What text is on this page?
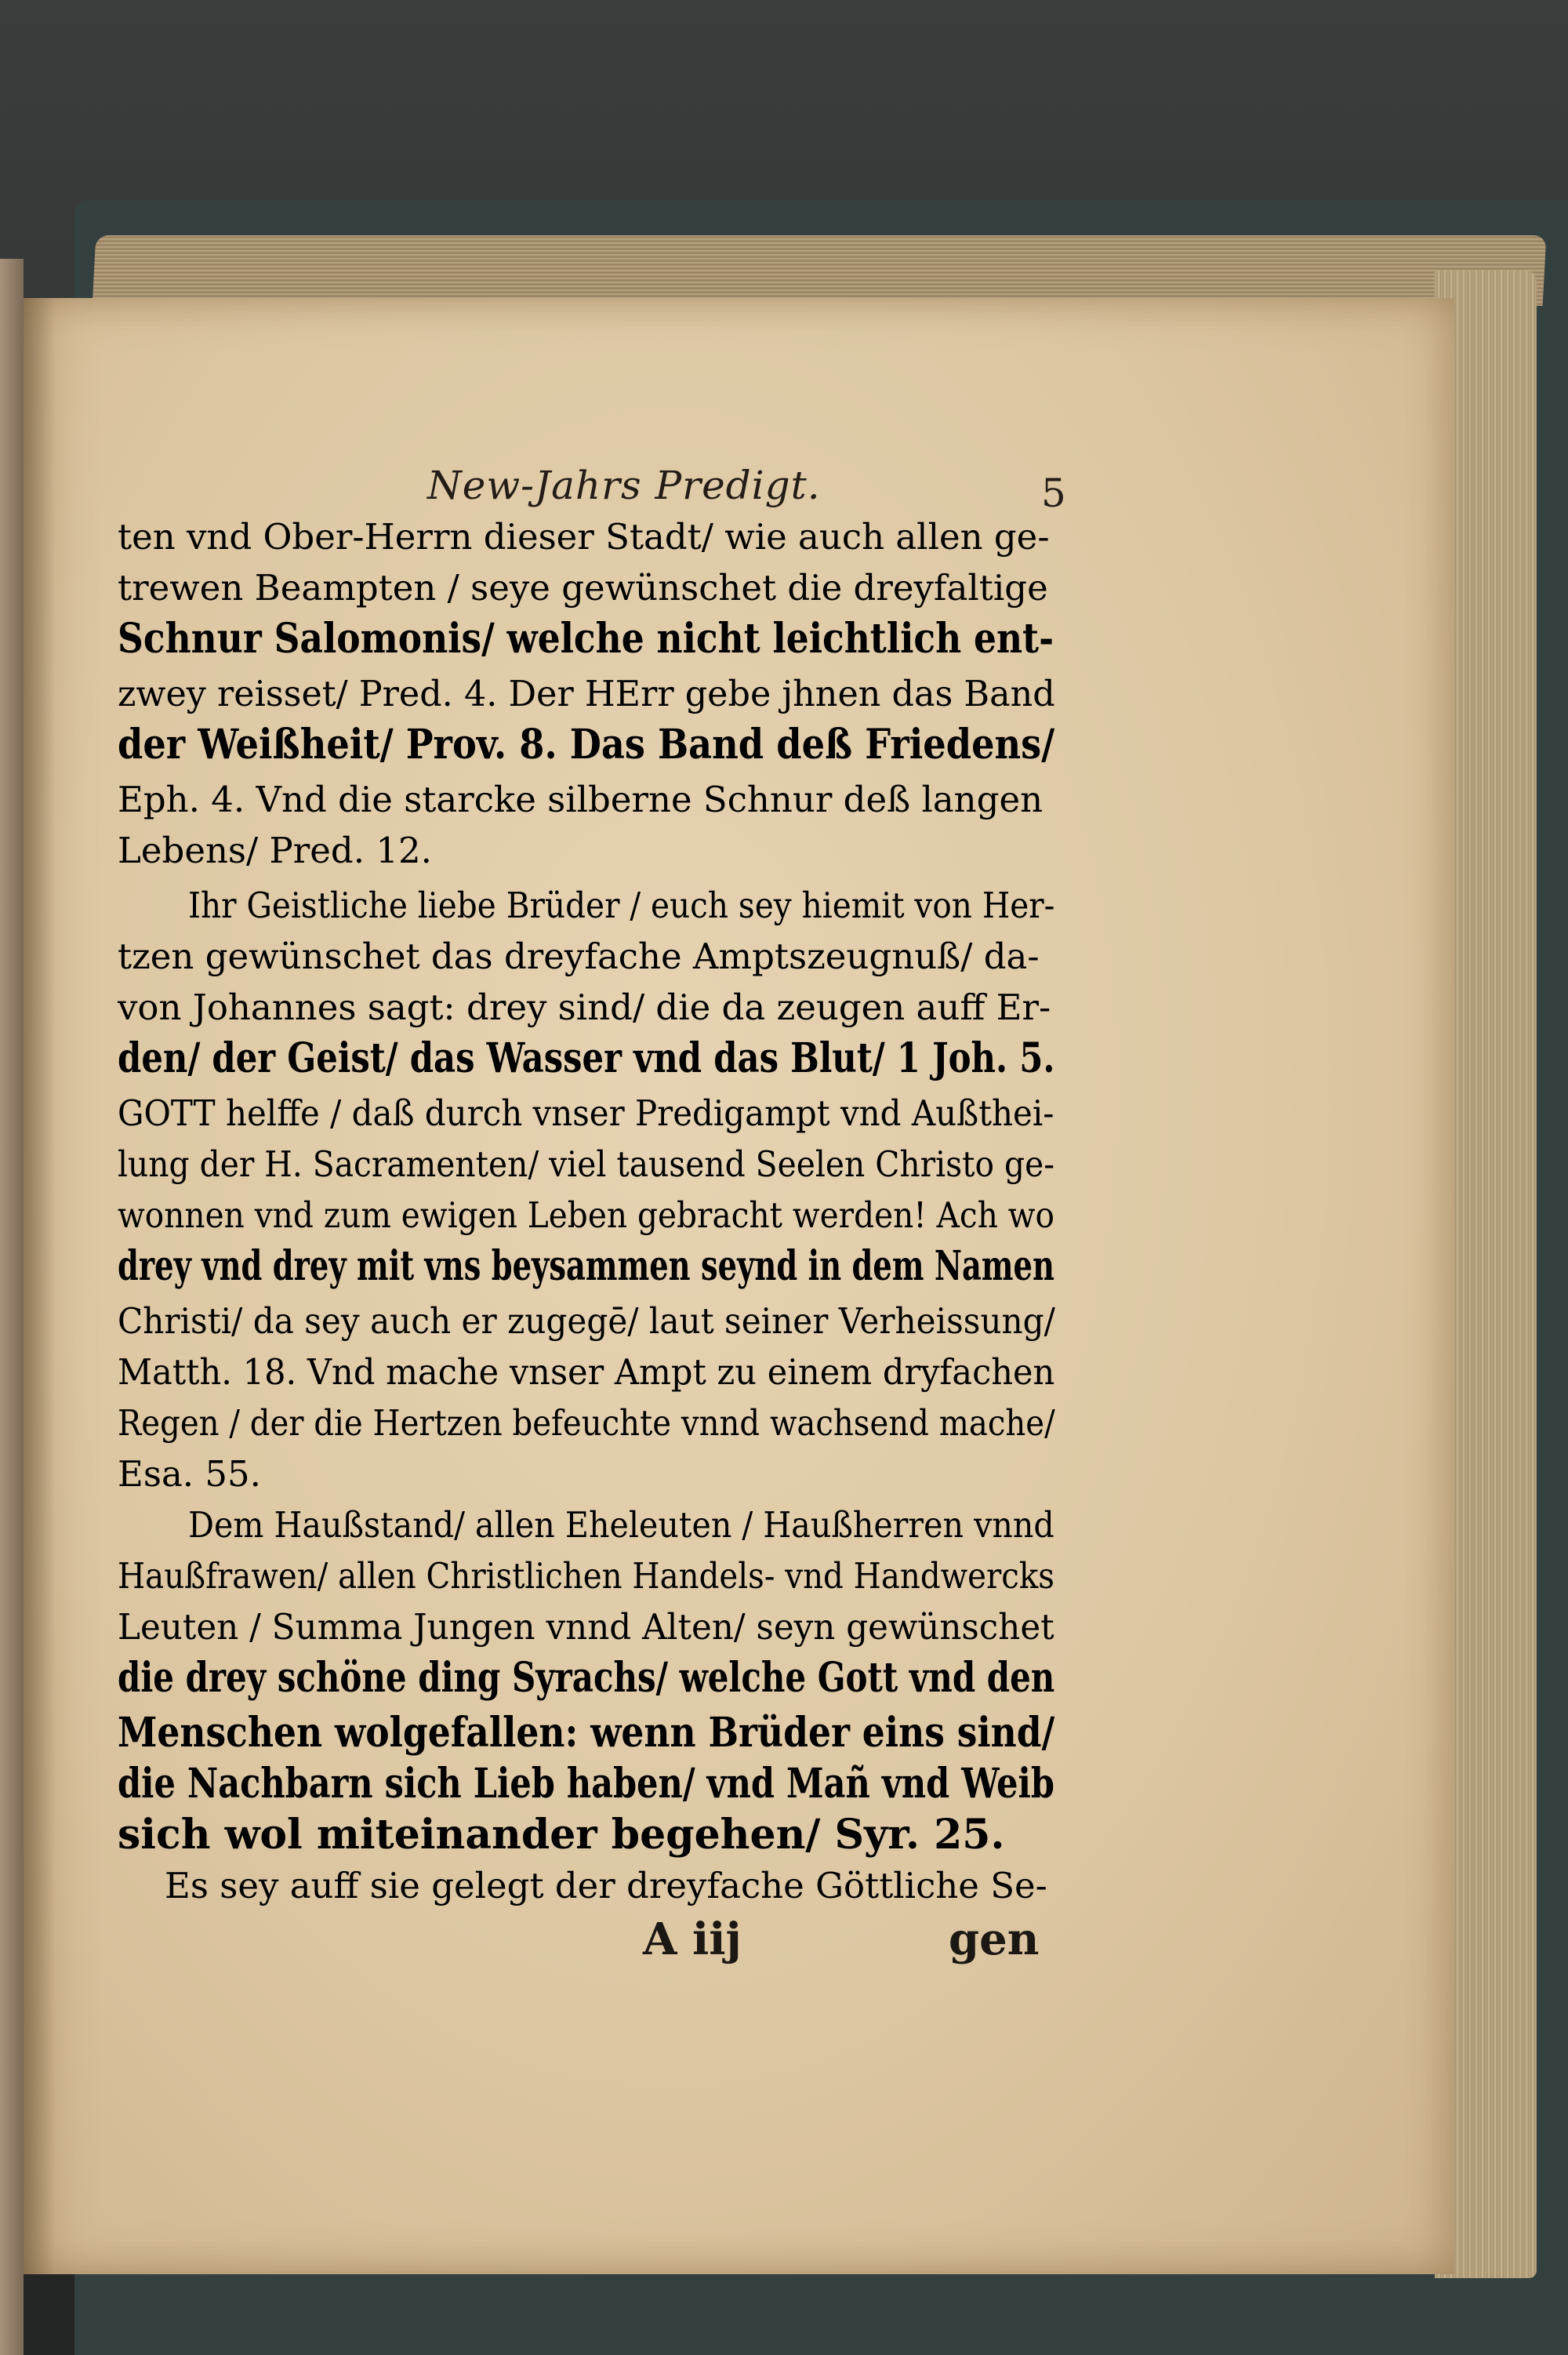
New-Jahrs Predigt.	5
ten vnd Ober-Herrn dieser Stadt/ wie auch allen ge-
trewen Beampten / seye gewünschet die dreyfaltige
Schnur Salomonis/ welche nicht leichtlich ent-
zwey reisset/ Pred. 4. Der HErr gebe jhnen das Band
der Weißheit/ Prov. 8. Das Band deß Friedens/
Eph. 4. Vnd die starcke silberne Schnur deß langen
Lebens/ Pred. 12.
Ihr Geistliche liebe Brüder / euch sey hiemit von Her-
tzen gewünschet das dreyfache Amptszeugnuß/ da-
von Johannes sagt: drey sind/ die da zeugen auff Er-
den/ der Geist/ das Wasser vnd das Blut/ 1 Joh. 5.
GOTT helffe / daß durch vnser Predigampt vnd Außthei-
lung der H. Sacramenten/ viel tausend Seelen Christo ge-
wonnen vnd zum ewigen Leben gebracht werden! Ach wo
drey vnd drey mit vns beysammen seynd in dem Namen
Christi/ da sey auch er zugegē/ laut seiner Verheissung/
Matth. 18. Vnd mache vnser Ampt zu einem dryfachen
Regen / der die Hertzen befeuchte vnnd wachsend mache/
Esa. 55.
Dem Haußstand/ allen Eheleuten / Haußherren vnnd
Haußfrawen/ allen Christlichen Handels- vnd Handwercks
Leuten / Summa Jungen vnnd Alten/ seyn gewünschet
die drey schöne ding Syrachs/ welche Gott vnd den
Menschen wolgefallen: wenn Brüder eins sind/
die Nachbarn sich Lieb haben/ vnd Mañ vnd Weib
sich wol miteinander begehen/ Syr. 25.
Es sey auff sie gelegt der dreyfache Göttliche Se-
A iij	gen
